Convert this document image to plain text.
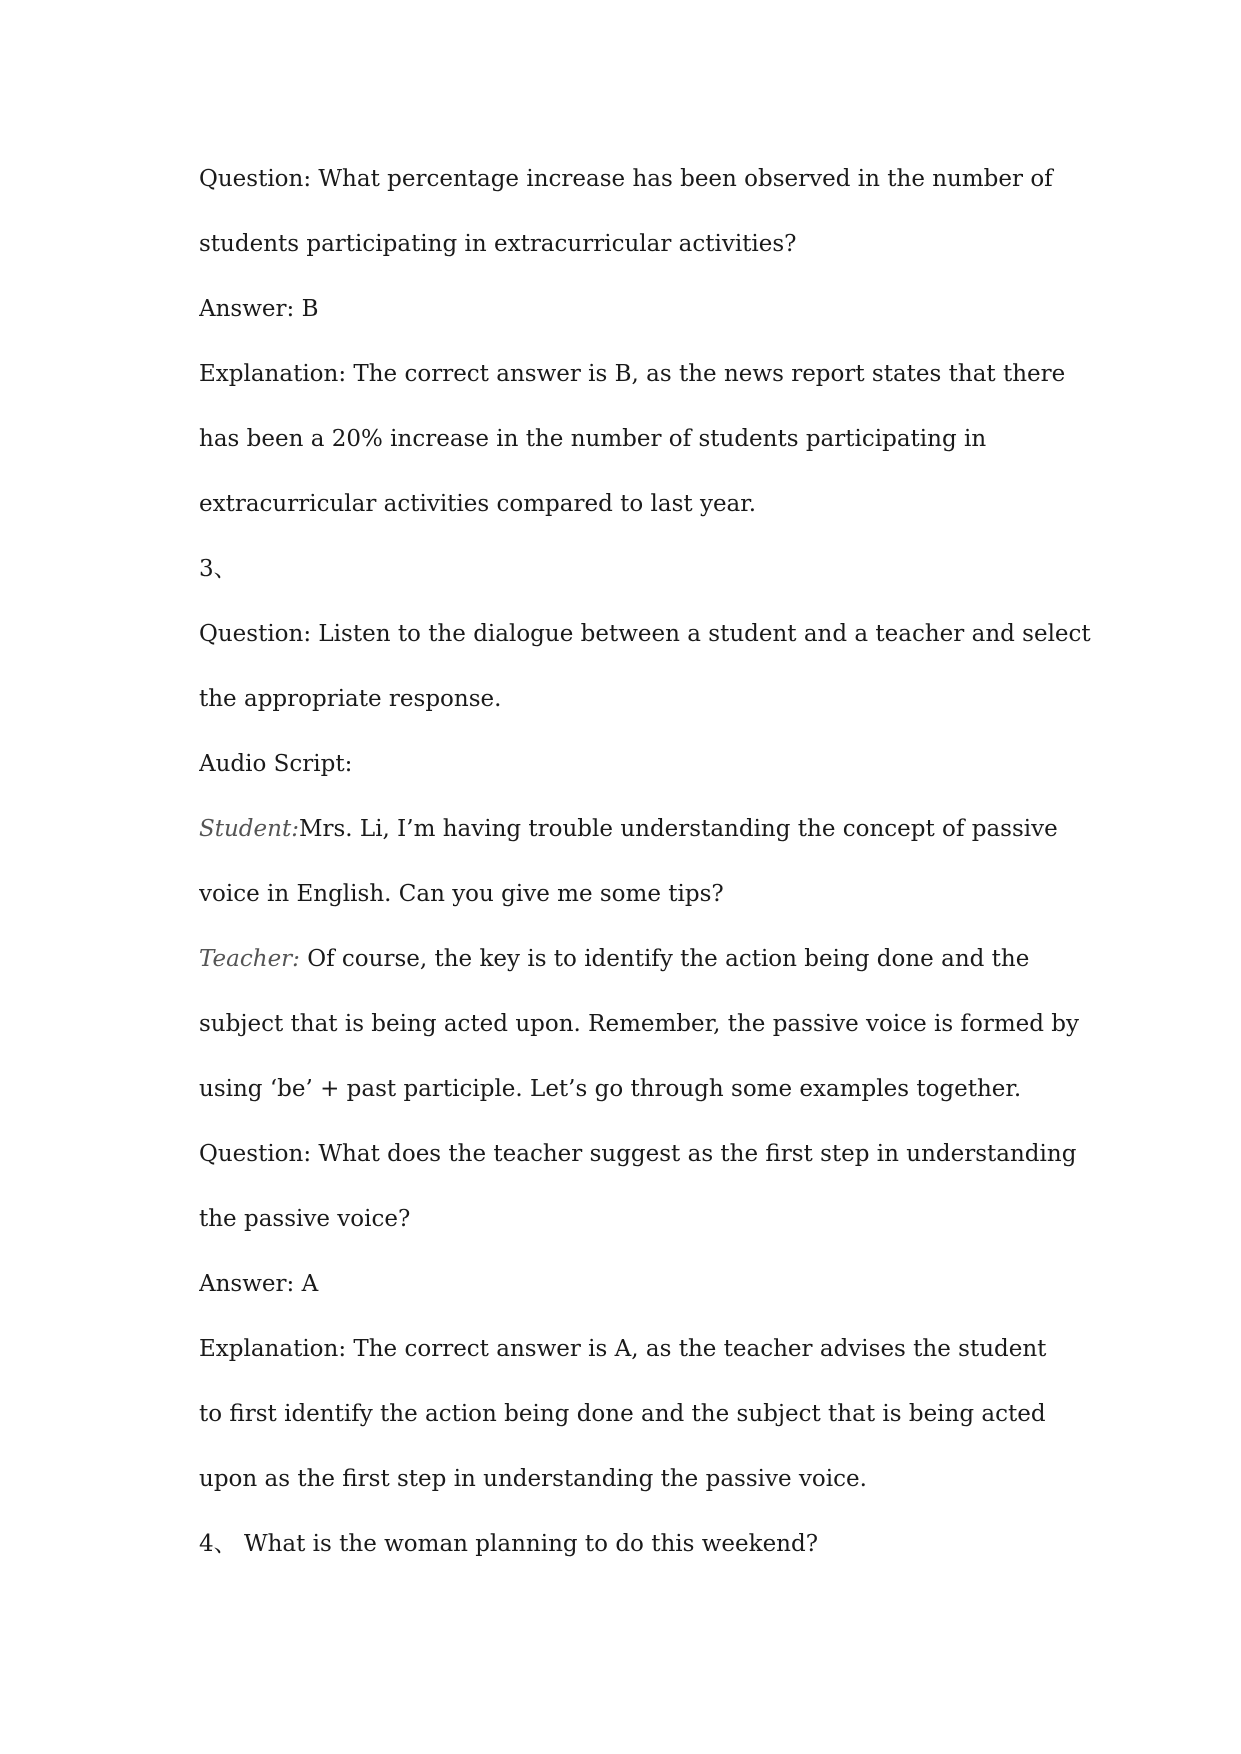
Question: What percentage increase has been observed in the number of
students participating in extracurricular activities?
Answer: B
Explanation: The correct answer is B, as the news report states that there
has been a 20% increase in the number of students participating in
extracurricular activities compared to last year.
3、
Question: Listen to the dialogue between a student and a teacher and select
the appropriate response.
Audio Script:
Student:Mrs. Li, I’m having trouble understanding the concept of passive
voice in English. Can you give me some tips?
Teacher: Of course, the key is to identify the action being done and the
subject that is being acted upon. Remember, the passive voice is formed by
using ‘be’ + past participle. Let’s go through some examples together.
Question: What does the teacher suggest as the first step in understanding
the passive voice?
Answer: A
Explanation: The correct answer is A, as the teacher advises the student
to first identify the action being done and the subject that is being acted
upon as the first step in understanding the passive voice.
4、 What is the woman planning to do this weekend?
